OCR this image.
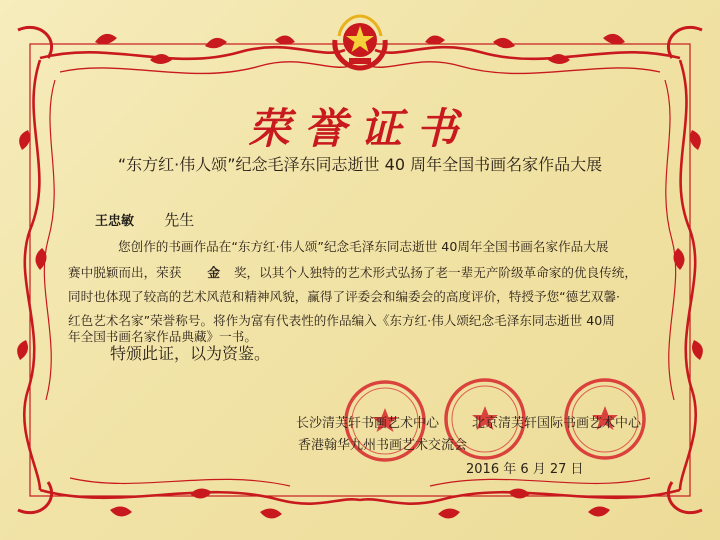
荣誉证书
“东方红·伟人颂”纪念毛泽东同志逝世 40 周年全国书画名家作品大展
王忠敏 先生
您创作的书画作品在“东方红·伟人颂”纪念毛泽东同志逝世 40周年全国书画名家作品大展
赛中脱颖而出，荣获 金 奖，以其个人独特的艺术形式弘扬了老一辈无产阶级革命家的优良传统，
同时也体现了较高的艺术风范和精神风貌，赢得了评委会和编委会的高度评价，特授予您“德艺双馨·
红色艺术名家”荣誉称号。将作为富有代表性的作品编入《东方红·伟人颂纪念毛泽东同志逝世 40周
年全国书画名家作品典藏》一书。
特颁此证，以为资鉴。
长沙清芙轩书画艺术中心	北京清芙轩国际书画艺术中心
香港翰华九州书画艺术交流会
2016 年 6 月 27 日
